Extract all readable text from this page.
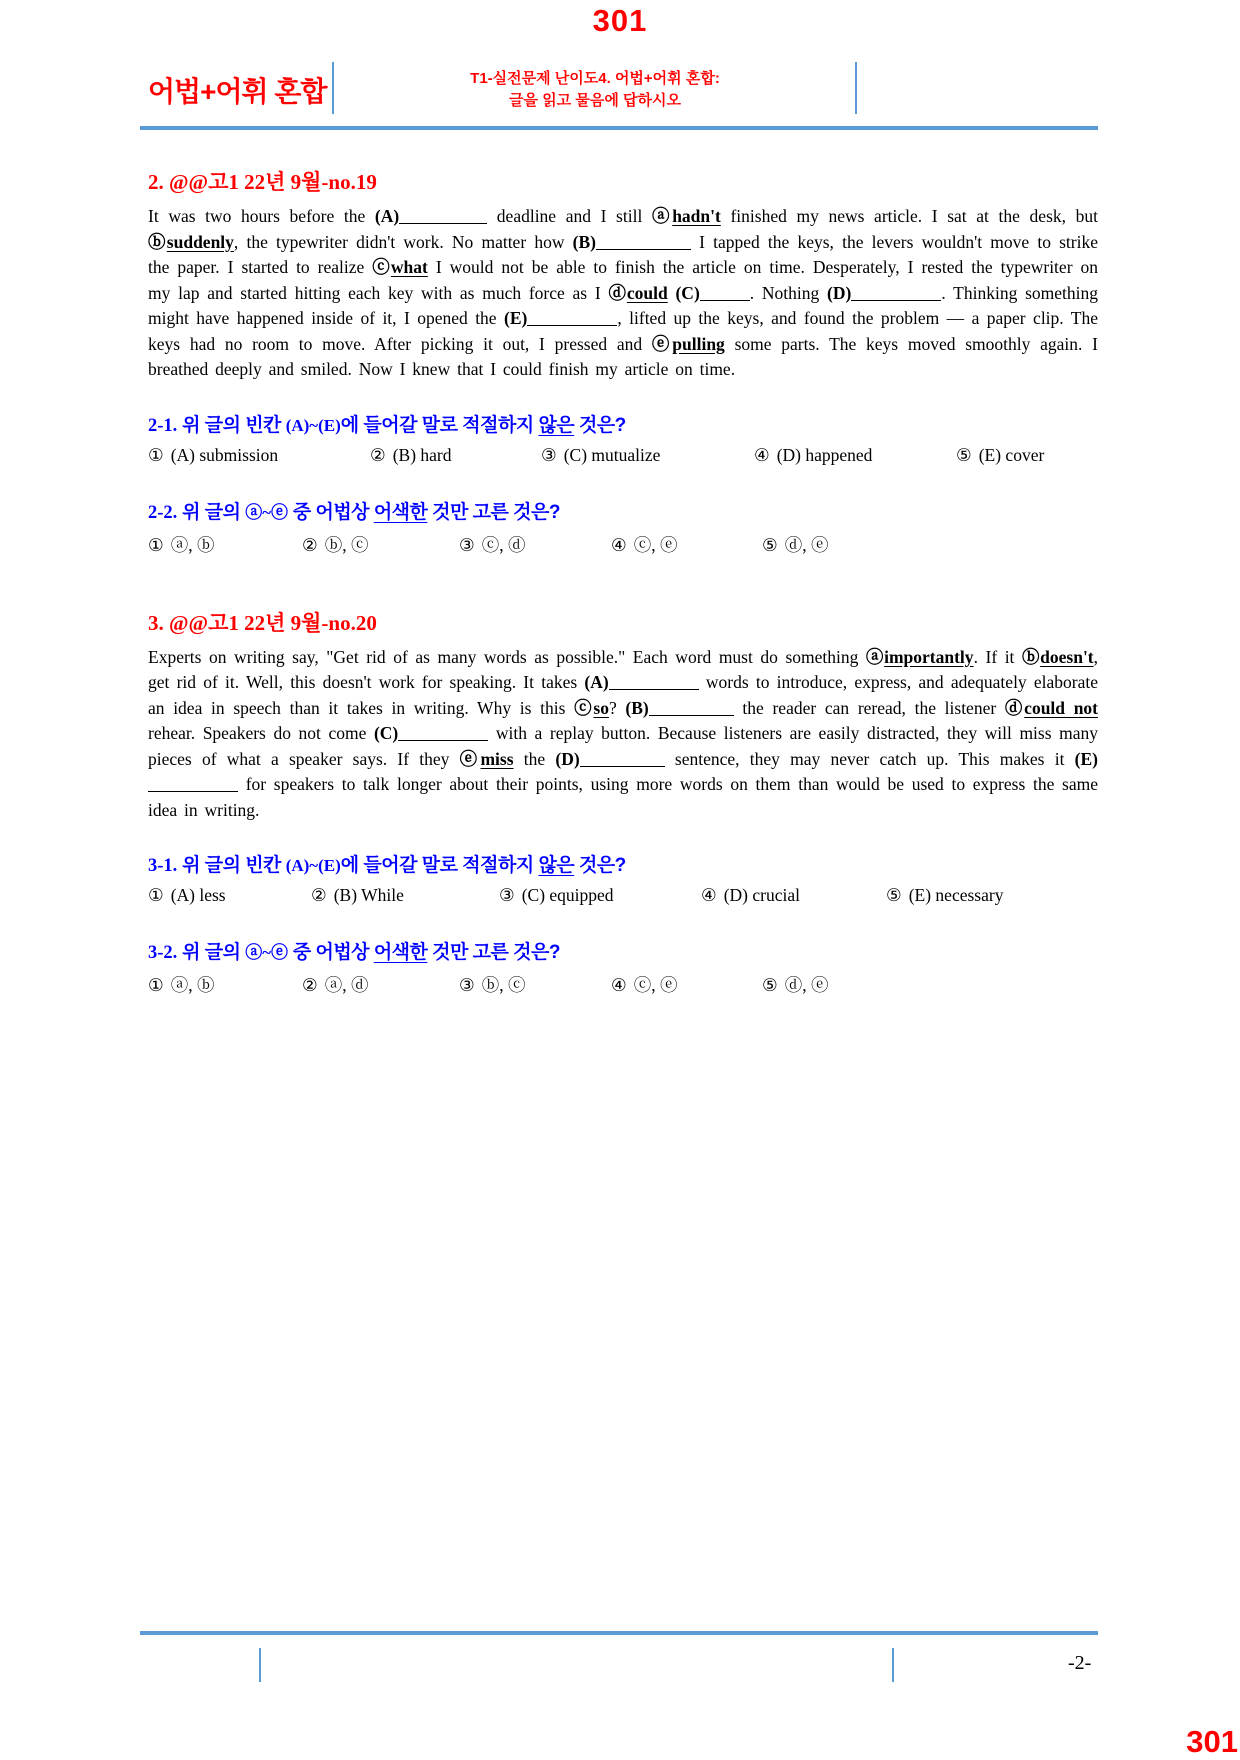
301
어법+어휘 혼합	T1-실전문제 난이도4. 어법+어휘 혼합:
글을 읽고 물음에 답하시오
2. @@고1 22년 9월-no.19
It was two hours before the (A)	deadline and I still ⓐhadn't finished my news article. I sat at the desk, but ⓑsuddenly, the typewriter didn't work. No matter how (B)	I tapped the keys, the levers wouldn't move to strike the paper. I started to realize ⓒwhat I would not be able to finish the article on time. Desperately, I rested the typewriter on my lap and started hitting each key with as much force as I ⓓcould (C)	. Nothing (D)	. Thinking something might have happened inside of it, I opened the (E)	, lifted up the keys, and found the problem — a paper clip. The keys had no room to move. After picking it out, I pressed and ⓔpulling some parts. The keys moved smoothly again. I breathed deeply and smiled. Now I knew that I could finish my article on time.
2-1. 위 글의 빈칸 (A)~(E)에 들어갈 말로 적절하지 않은 것은?
① (A) submission	② (B) hard	③ (C) mutualize	④ (D) happened	⑤ (E) cover
2-2. 위 글의 ⓐ~ⓔ 중 어법상 어색한 것만 고른 것은?
① ⓐ, ⓑ	② ⓑ, ⓒ	③ ⓒ, ⓓ	④ ⓒ, ⓔ	⑤ ⓓ, ⓔ
3. @@고1 22년 9월-no.20
Experts on writing say, "Get rid of as many words as possible." Each word must do something ⓐimportantly. If it ⓑdoesn't, get rid of it. Well, this doesn't work for speaking. It takes (A)	words to introduce, express, and adequately elaborate an idea in speech than it takes in writing. Why is this ⓒso? (B)	the reader can reread, the listener ⓓcould not rehear. Speakers do not come (C)	with a replay button. Because listeners are easily distracted, they will miss many pieces of what a speaker says. If they ⓔmiss the (D)	sentence, they may never catch up. This makes it (E) for speakers to talk longer about their points, using more words on them than would be used to express the same idea in writing.
3-1. 위 글의 빈칸 (A)~(E)에 들어갈 말로 적절하지 않은 것은?
① (A) less	② (B) While	③ (C) equipped	④ (D) crucial	⑤ (E) necessary
3-2. 위 글의 ⓐ~ⓔ 중 어법상 어색한 것만 고른 것은?
① ⓐ, ⓑ	② ⓐ, ⓓ	③ ⓑ, ⓒ	④ ⓒ, ⓔ	⑤ ⓓ, ⓔ
-2-
301
